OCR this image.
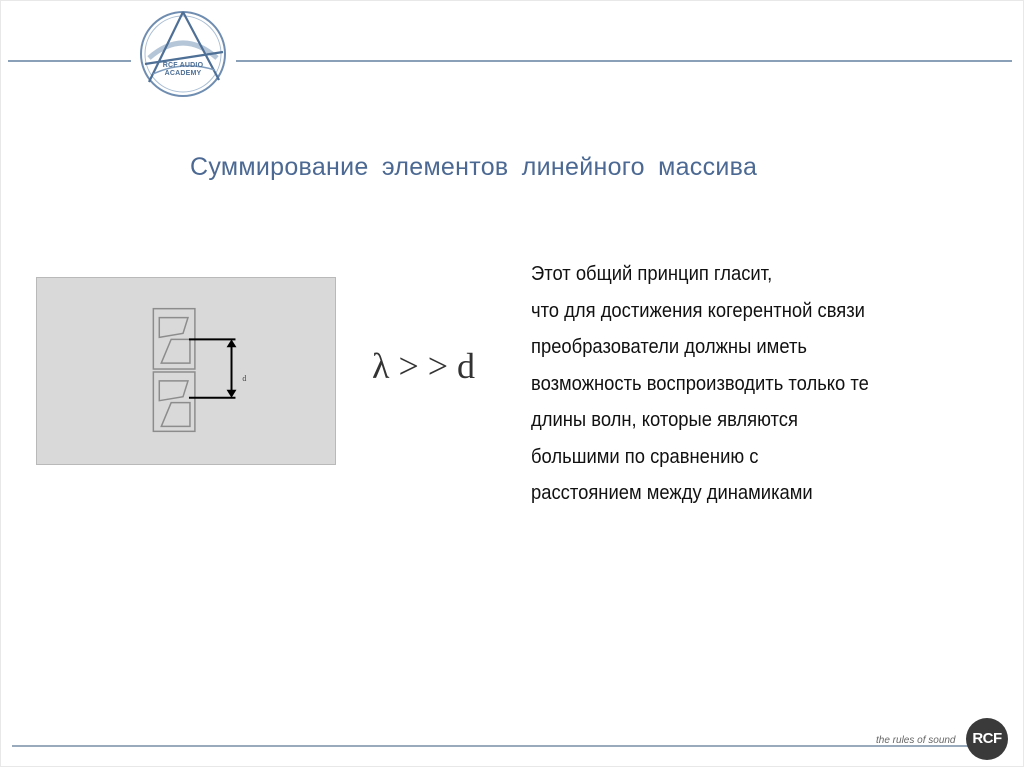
RCF AUDIO
ACADEMY
Суммирование элементов линейного массива
d	λ > > d
Этот общий принцип гласит,
что для достижения когерентной связи
преобразователи должны иметь
возможность воспроизводить только те
длины волн, которые являются
большими по сравнению с
расстоянием между динамиками
the rules of sound	RCF
